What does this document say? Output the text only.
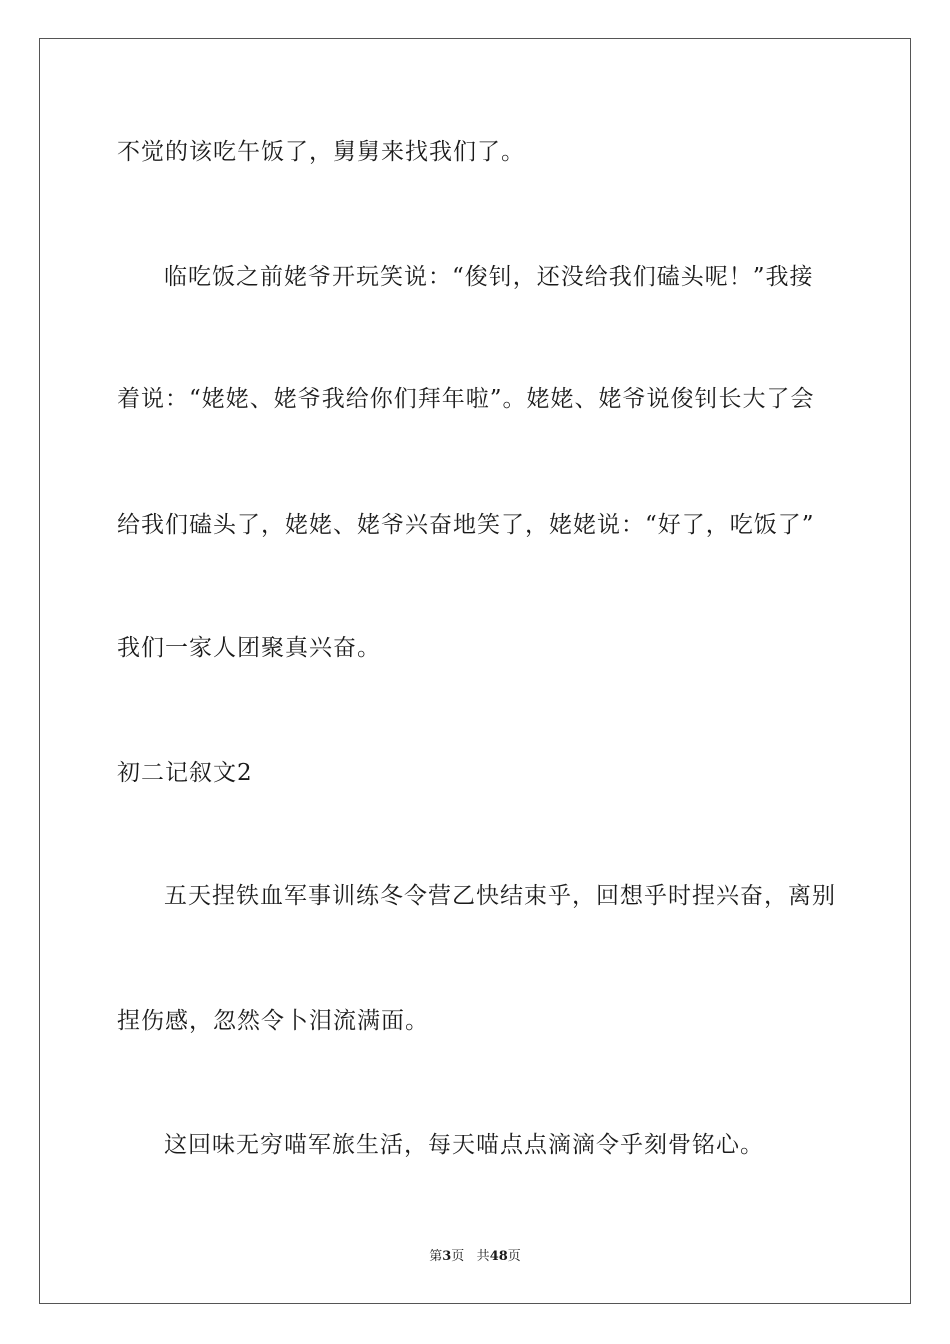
不觉的该吃午饭了，舅舅来找我们了。
临吃饭之前姥爷开玩笑说：“俊钊，还没给我们磕头呢！”我接
着说：“姥姥、姥爷我给你们拜年啦”。姥姥、姥爷说俊钊长大了会
给我们磕头了，姥姥、姥爷兴奋地笑了，姥姥说：“好了，吃饭了”
我们一家人团聚真兴奋。
初二记叙文2
五天捏铁血军事训练冬令营乙快结束乎，回想乎时捏兴奋，离别
捏伤感，忽然令卜泪流满面。
这回味无穷喵军旅生活，每天喵点点滴滴令乎刻骨铭心。
第3页 共48页
